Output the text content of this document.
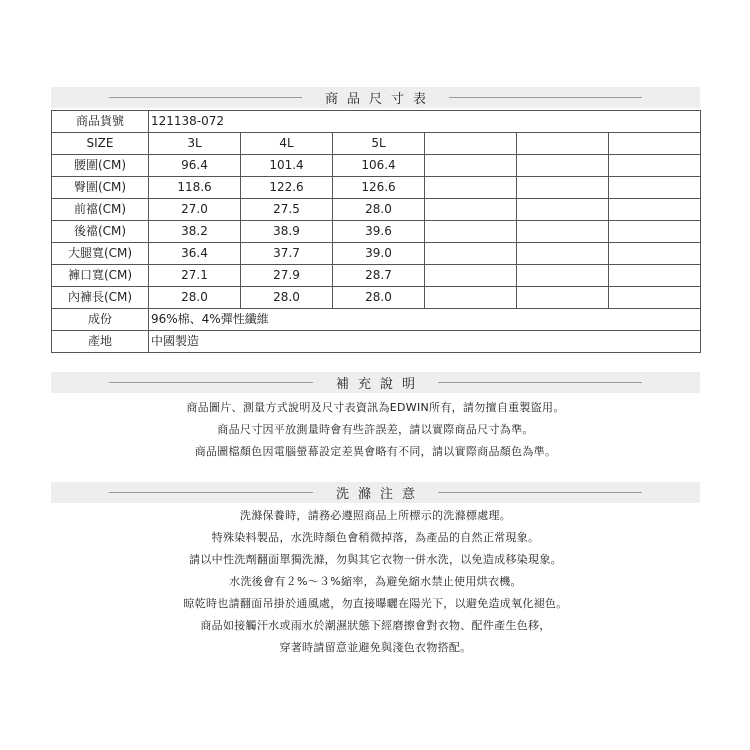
商品尺寸表
商品貨號	121138-072					
SIZE	3L	4L	5L			
腰圍(CM)	96.4	101.4	106.4			
臀圍(CM)	118.6	122.6	126.6			
前襠(CM)	27.0	27.5	28.0			
後襠(CM)	38.2	38.9	39.6			
大腿寬(CM)	36.4	37.7	39.0			
褲口寬(CM)	27.1	27.9	28.7			
內褲長(CM)	28.0	28.0	28.0			
成份	96%棉、4%彈性纖維					
產地	中國製造					
補充說明
商品圖片、測量方式說明及尺寸表資訊為EDWIN所有，請勿擅自重製盜用。
商品尺寸因平放測量時會有些許誤差，請以實際商品尺寸為準。
商品圖檔顏色因電腦螢幕設定差異會略有不同，請以實際商品顏色為準。
洗滌注意
洗滌保養時，請務必遵照商品上所標示的洗滌標處理。
特殊染料製品，水洗時顏色會稍微掉落，為產品的自然正常現象。
請以中性洗劑翻面單獨洗滌，勿與其它衣物一併水洗，以免造成移染現象。
水洗後會有２%～３%縮率，為避免縮水禁止使用烘衣機。
晾乾時也請翻面吊掛於通風處，勿直接曝曬在陽光下，以避免造成氧化褪色。
商品如接觸汗水或雨水於潮濕狀態下經磨擦會對衣物、配件產生色移，
穿著時請留意並避免與淺色衣物搭配。
